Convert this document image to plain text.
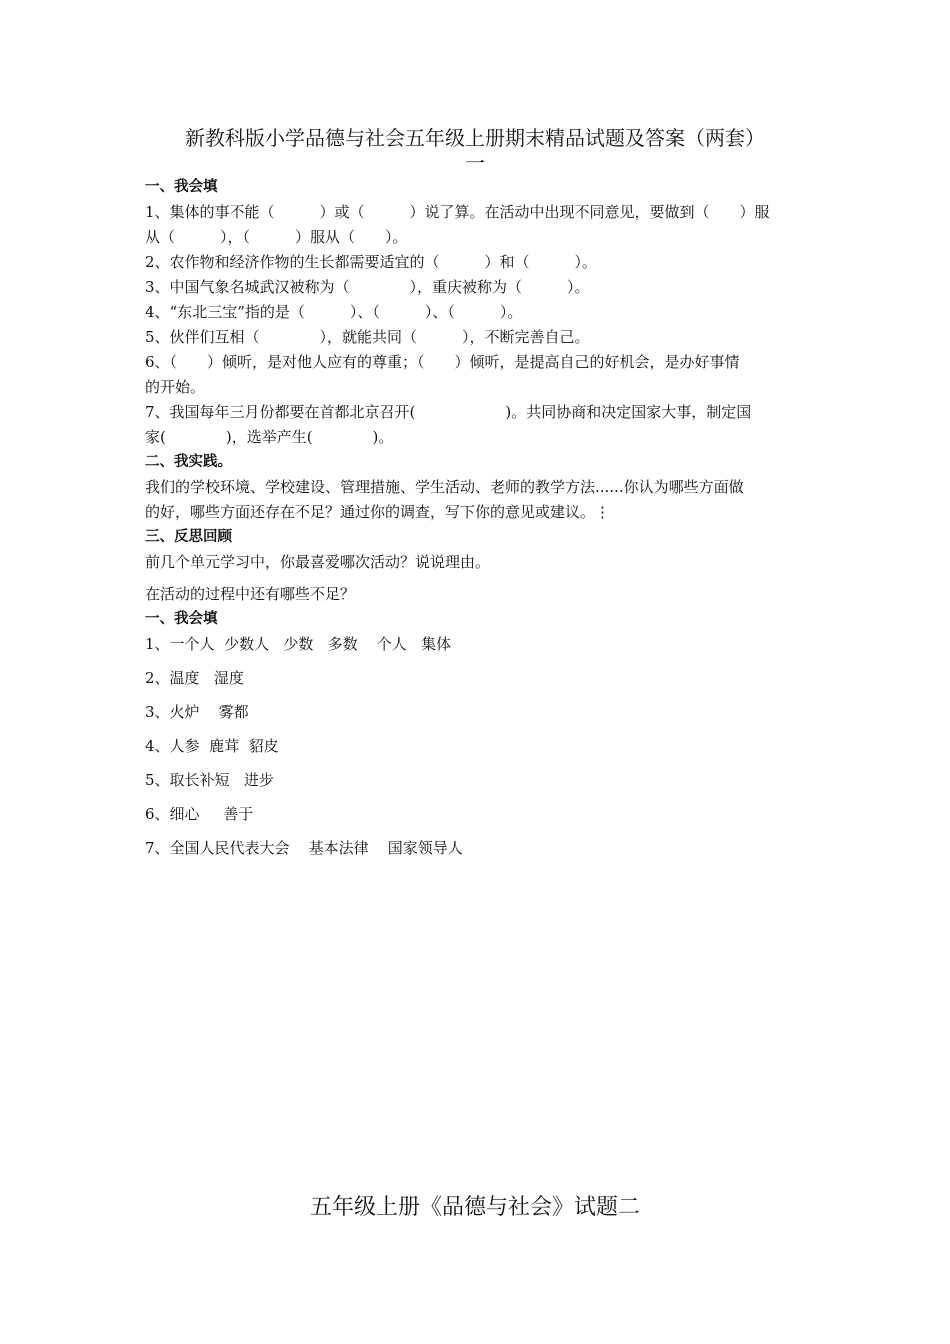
新教科版小学品德与社会五年级上册期末精品试题及答案（两套）
一

一、我会填

1、集体的事不能（　　　）或（　　　）说了算。在活动中出现不同意见，要做到（　　）服

从（　　　），（　　　）服从（　　）。

2、农作物和经济作物的生长都需要适宜的（　　　）和（　　　）。

3、中国气象名城武汉被称为（　　　　），重庆被称为（　　　）。

4、“东北三宝”指的是（　　　）、（　　　）、（　　　）。

5、伙伴们互相（　　　　），就能共同（　　　），不断完善自己。

6、（　　）倾听，是对他人应有的尊重；（　　）倾听，是提高自己的好机会，是办好事情

的开始。

7、我国每年三月份都要在首都北京召开(　　　　　　)。共同协商和决定国家大事，制定国

家(　　　　)，选举产生(　　　　)。

二、我实践。

我们的学校环境、学校建设、管理措施、学生活动、老师的教学方法......你认为哪些方面做

的好，哪些方面还存在不足？通过你的调查，写下你的意见或建议。⋮

三、反思回顾

前几个单元学习中，你最喜爱哪次活动？说说理由。

在活动的过程中还有哪些不足？

一、我会填

1、一个人  少数人   少数   多数    个人   集体

2、温度   湿度

3、火炉    雾都

4、人参  鹿茸  貂皮

5、取长补短   进步

6、细心     善于

7、全国人民代表大会    基本法律    国家领导人

五年级上册《品德与社会》试题二
